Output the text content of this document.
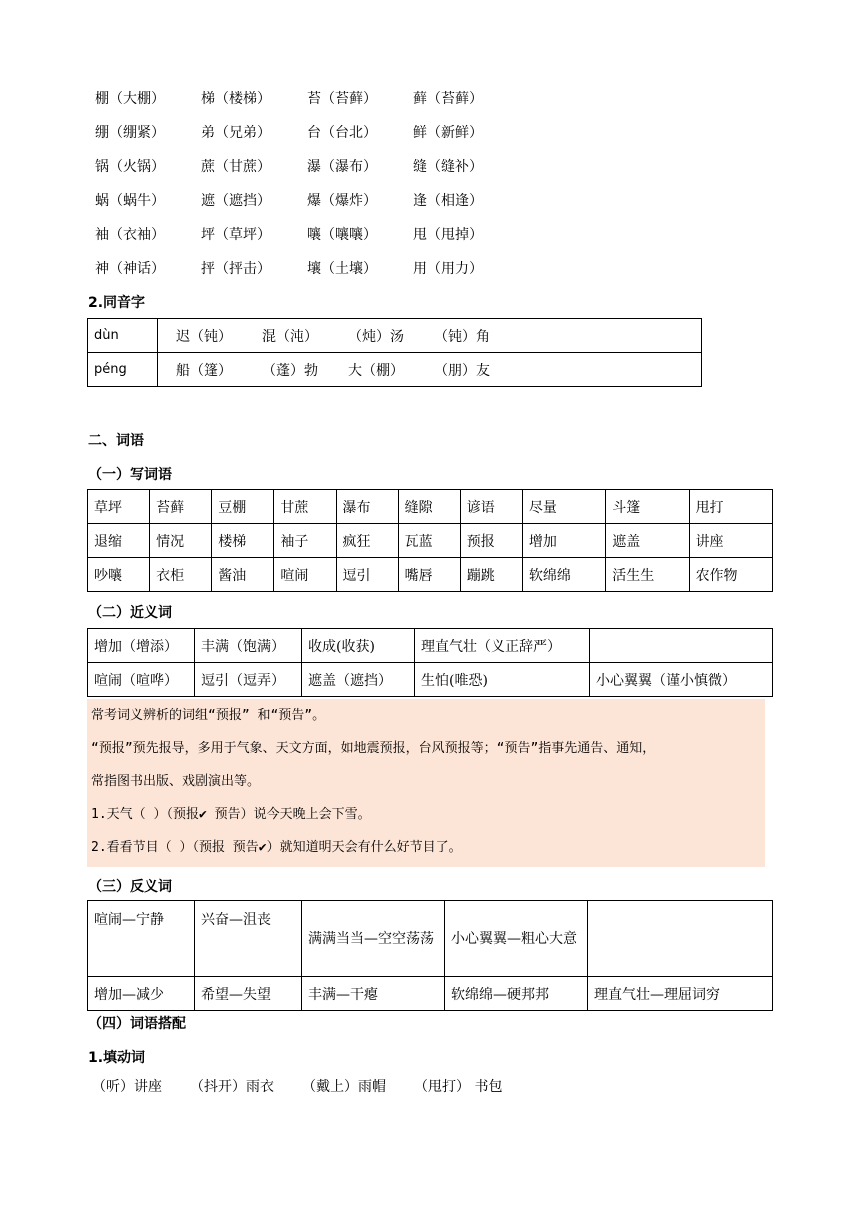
棚（大棚）	梯（楼梯）	苔（苔藓）	藓（苔藓）
绷（绷紧）	弟（兄弟）	台（台北）	鲜（新鲜）
锅（火锅）	蔗（甘蔗）	瀑（瀑布）	缝（缝补）
蜗（蜗牛）	遮（遮挡）	爆（爆炸）	逢（相逢）
袖（衣袖）	坪（草坪）	嚷（嚷嚷）	甩（甩掉）
神（神话）	抨（抨击）	壤（土壤）	用（用力）
2.同音字
dùn	迟（钝） 混（沌） （炖）汤 （钝）角
péng	船（篷） （蓬）勃 大（棚） （朋）友
二、词语
（一）写词语
草坪	苔藓	豆棚	甘蔗	瀑布	缝隙	谚语	尽量	斗篷	甩打
退缩	情况	楼梯	袖子	疯狂	瓦蓝	预报	增加	遮盖	讲座
吵嚷	衣柜	酱油	喧闹	逗引	嘴唇	蹦跳	软绵绵	活生生	农作物
（二）近义词
增加（增添）	丰满（饱满）	收成(收获)	理直气壮（义正辞严）	
喧闹（喧哗）	逗引（逗弄）	遮盖（遮挡）	生怕(唯恐)	小心翼翼（谨小慎微）

常考词义辨析的词组“预报” 和“预告”。

“预报”预先报导，多用于气象、天文方面，如地震预报，台风预报等；“预告”指事先通告、通知，

常指图书出版、戏剧演出等。

1.天气（ ）（预报✔ 预告）说今天晚上会下雪。

2.看看节目（ ）（预报 预告✔）就知道明天会有什么好节目了。

（三）反义词
喧闹—宁静	兴奋—沮丧	满满当当—空空荡荡	小心翼翼—粗心大意	
增加—减少	希望—失望	丰满—干瘪	软绵绵—硬邦邦	理直气壮—理屈词穷
（四）词语搭配
1.填动词
（听）讲座 （抖开）雨衣 （戴上）雨帽 （甩打） 书包
